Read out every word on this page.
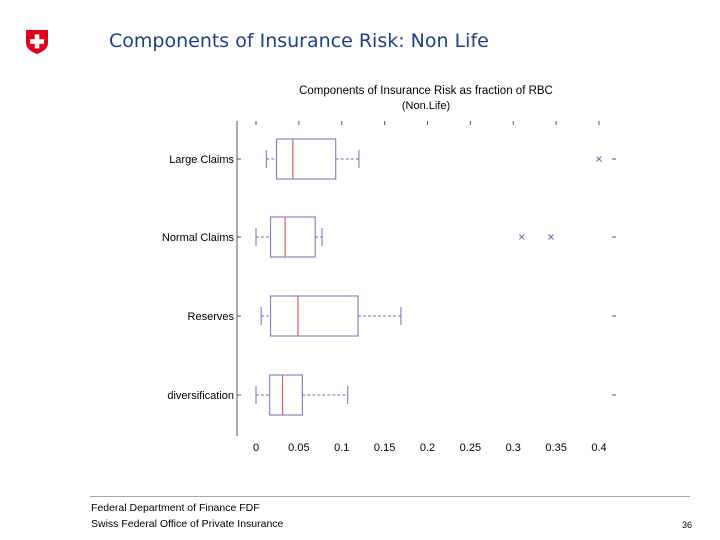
Components of Insurance Risk: Non Life
Components of Insurance Risk as fraction of RBC
(Non.Life)
0	0.05 0.1 0.15 0.2 0.25 0.3 0.35 0.4
Large Claims
Normal Claims
Reserves
diversification
Federal Department of Finance FDF
Swiss Federal Office of Private Insurance	36
